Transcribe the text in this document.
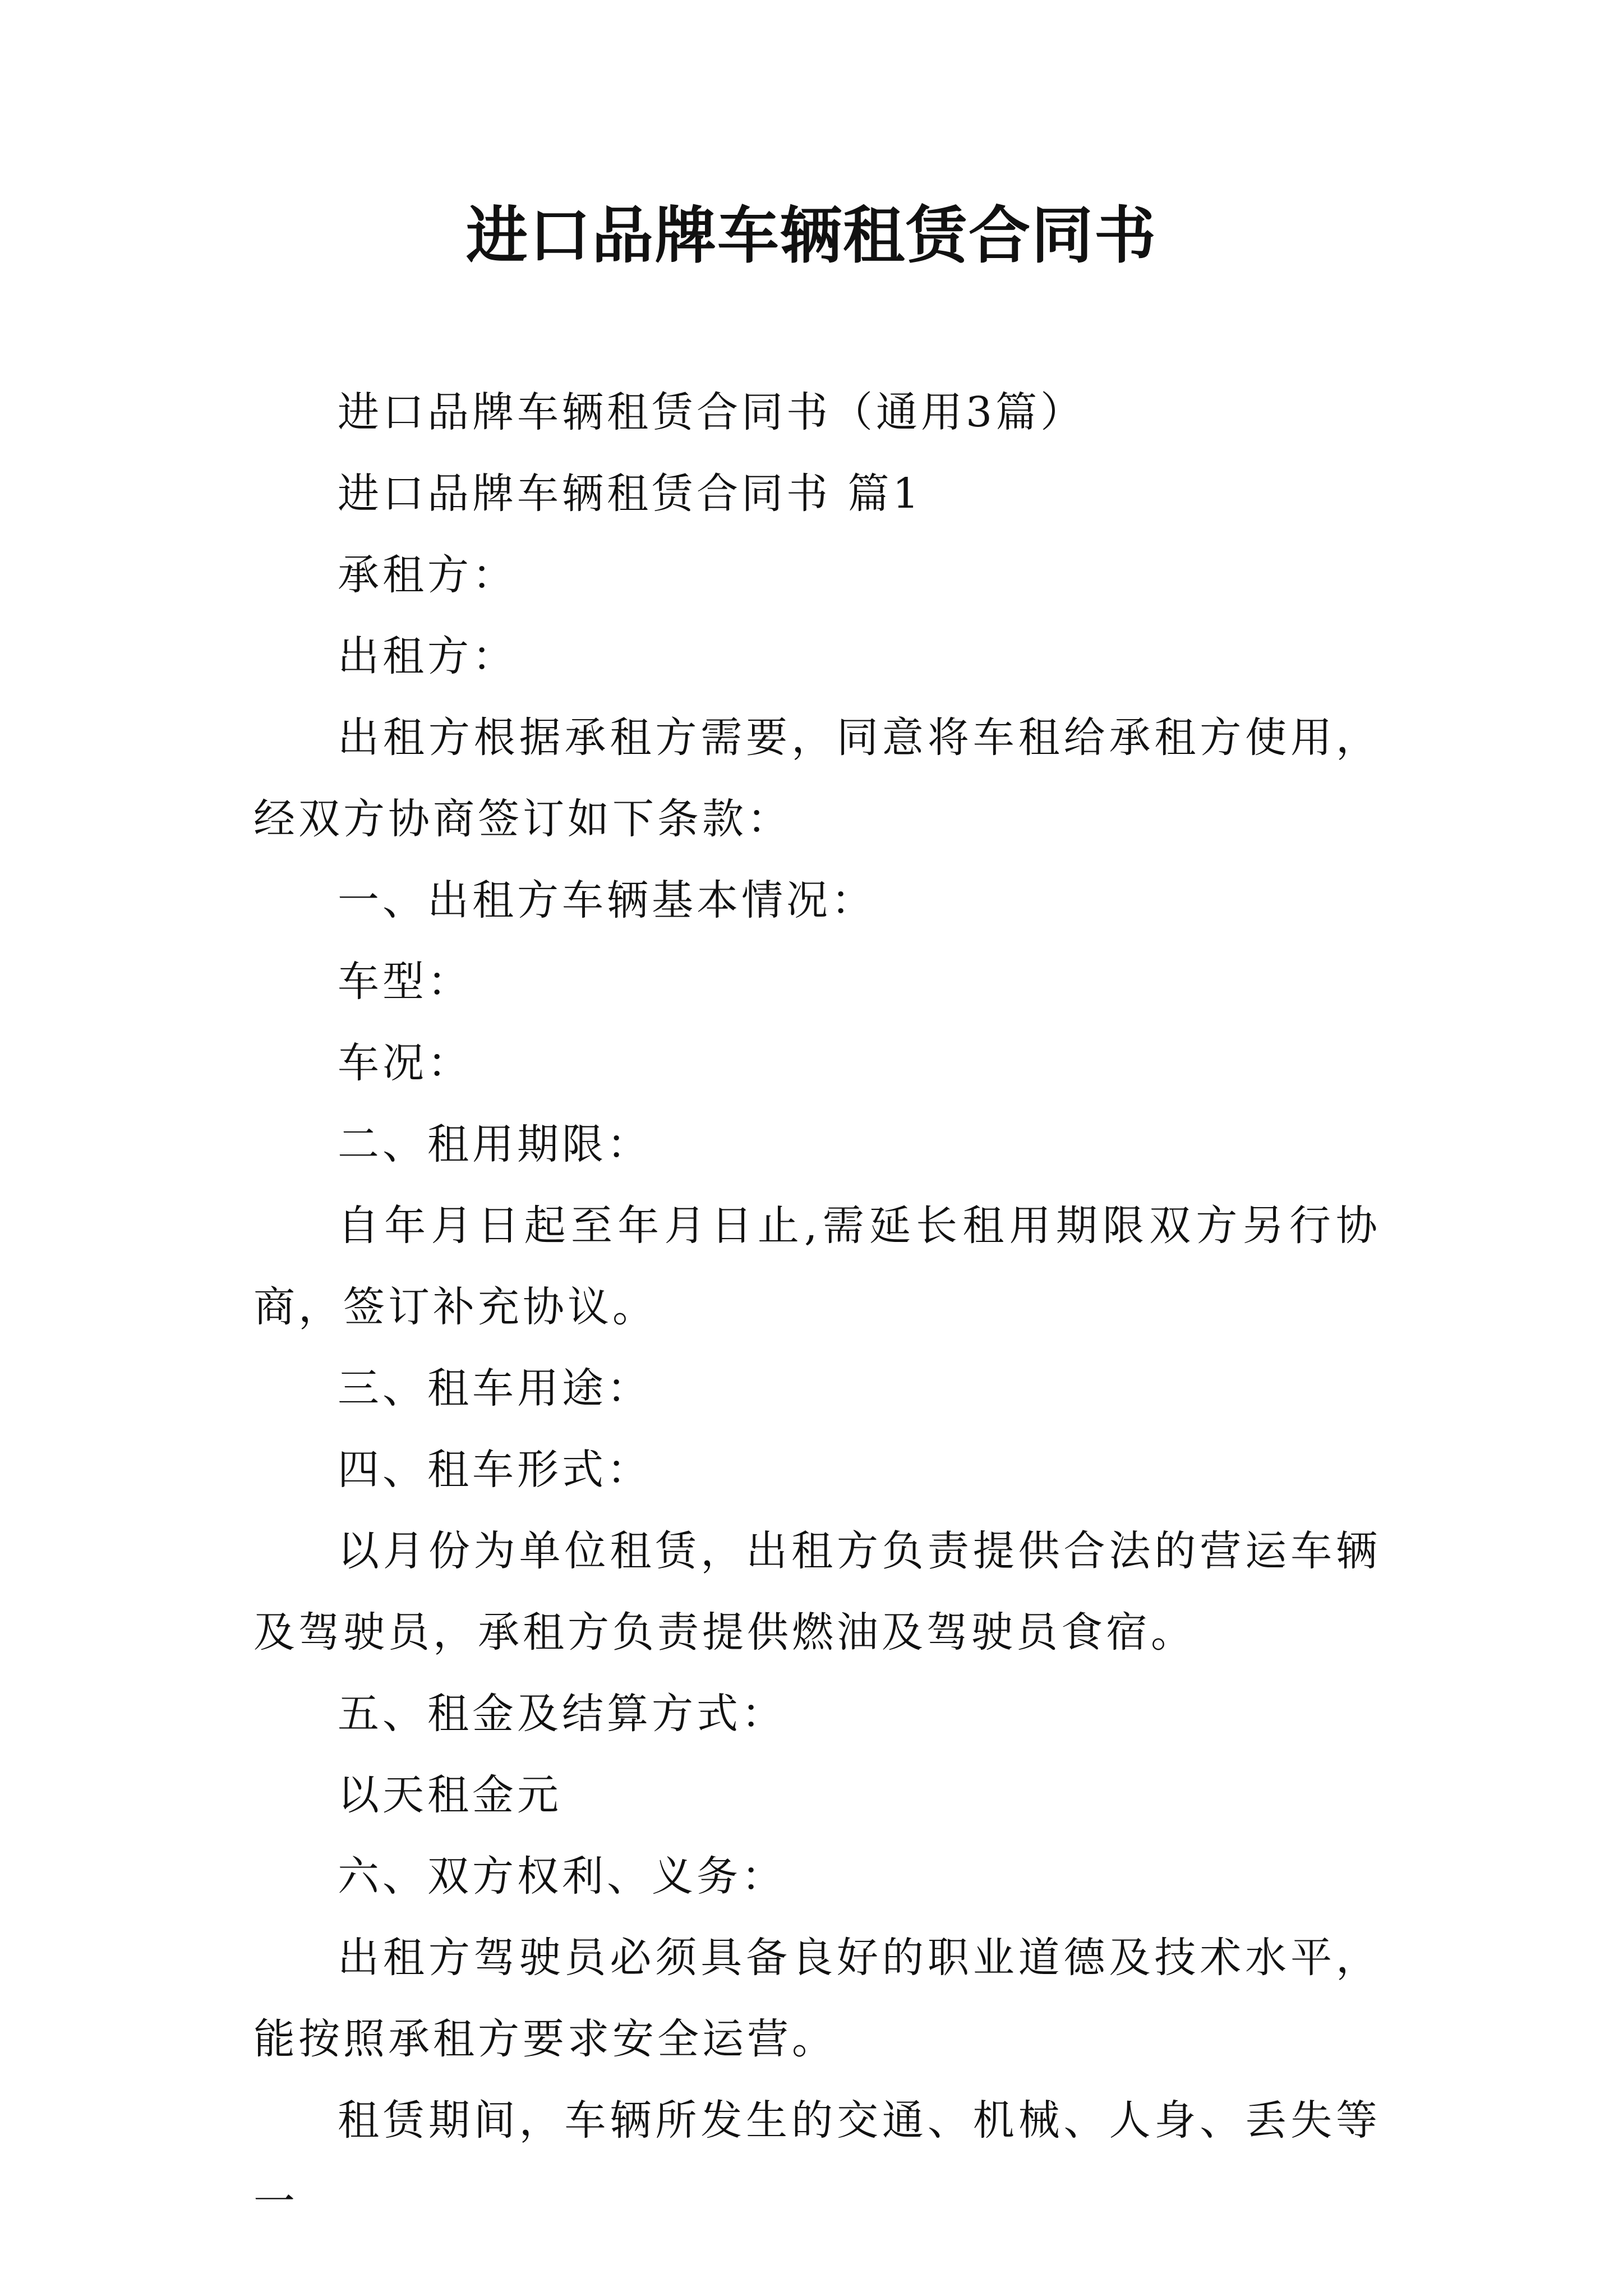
进口品牌车辆租赁合同书

进口品牌车辆租赁合同书（通用3篇）

进口品牌车辆租赁合同书 篇1

承租方：

出租方：

出租方根据承租方需要，同意将车租给承租方使用，经双方协商签订如下条款：

一、出租方车辆基本情况：

车型：

车况：

二、租用期限：

自年月日起至年月日止,需延长租用期限双方另行协商，签订补充协议。

三、租车用途：

四、租车形式：

以月份为单位租赁，出租方负责提供合法的营运车辆及驾驶员，承租方负责提供燃油及驾驶员食宿。

五、租金及结算方式：

以天租金元

六、双方权利、义务：

出租方驾驶员必须具备良好的职业道德及技术水平，能按照承租方要求安全运营。

租赁期间，车辆所发生的交通、机械、人身、丢失等一
